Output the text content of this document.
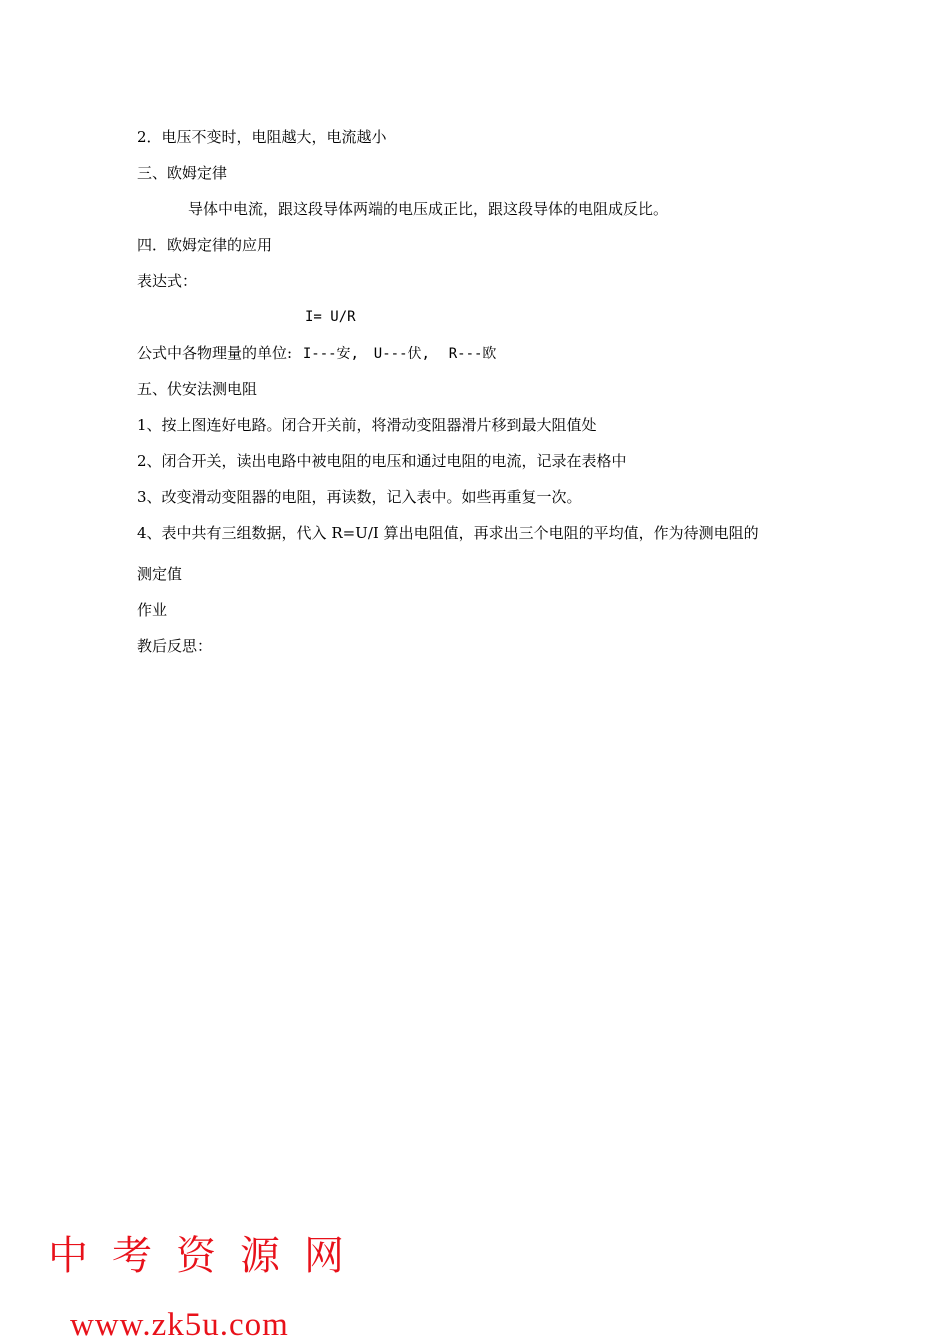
2．电压不变时，电阻越大，电流越小
三、欧姆定律
导体中电流，跟这段导体两端的电压成正比，跟这段导体的电阻成反比。
四．欧姆定律的应用
表达式：
I= U/R
公式中各物理量的单位: I---安, U---伏, R---欧
五、伏安法测电阻
1、按上图连好电路。闭合开关前，将滑动变阻器滑片移到最大阻值处
2、闭合开关，读出电路中被电阻的电压和通过电阻的电流，记录在表格中
3、改变滑动变阻器的电阻，再读数，记入表中。如些再重复一次。
4、表中共有三组数据，代入 R=U/I 算出电阻值，再求出三个电阻的平均值，作为待测电阻的
测定值
作业
教后反思：
中考资源网
www.zk5u.com
